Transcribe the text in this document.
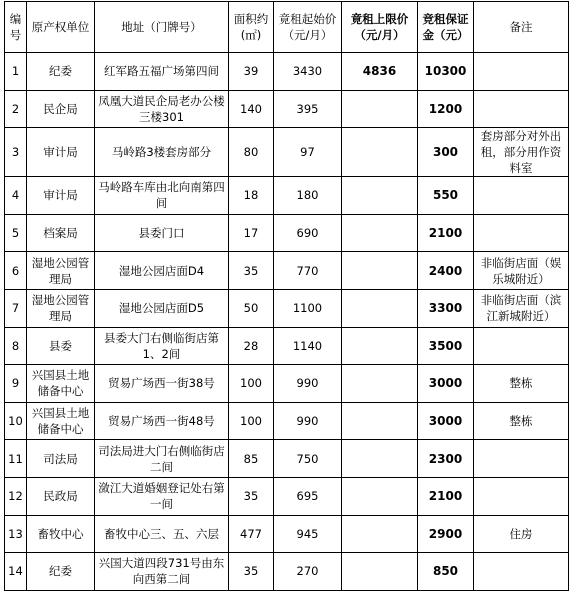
编号	原产权单位	地址（门牌号）	面积约(㎡)	竟租起始价（元/月）	竟租上限价（元/月）	竞租保证金（元）	备注
1	纪委	红军路五福广场第四间	39	3430	4836	10300	
2	民企局	凤凰大道民企局老办公楼三楼301	140	395		1200	
3	审计局	马岭路3楼套房部分	80	97		300	套房部分对外出租，部分用作资料室
4	审计局	马岭路车库由北向南第四间	18	180		550	
5	档案局	县委门口	17	690		2100	
6	湿地公园管理局	湿地公园店面D4	35	770		2400	非临街店面（娱乐城附近）
7	湿地公园管理局	湿地公园店面D5	50	1100		3300	非临街店面（滨江新城附近）
8	县委	县委大门右侧临街店第1、2间	28	1140		3500	
9	兴国县土地储备中心	贸易广场西一街38号	100	990		3000	整栋
10	兴国县土地储备中心	贸易广场西一街48号	100	990		3000	整栋
11	司法局	司法局进大门右侧临街店二间	85	750		2300	
12	民政局	潋江大道婚姻登记处右第一间	35	695		2100	
13	畜牧中心	畜牧中心三、五、六层	477	945		2900	住房
14	纪委	兴国大道四段731号由东向西第二间	35	270		850	
